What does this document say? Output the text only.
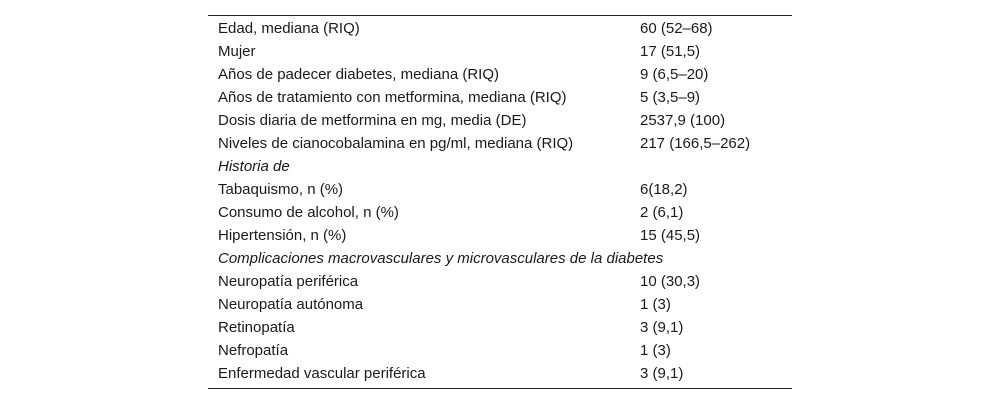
Edad, mediana (RIQ)	60 (52–68)
Mujer	17 (51,5)
Años de padecer diabetes, mediana (RIQ)	9 (6,5–20)
Años de tratamiento con metformina, mediana (RIQ)	5 (3,5–9)
Dosis diaria de metformina en mg, media (DE)	2537,9 (100)
Niveles de cianocobalamina en pg/ml, mediana (RIQ)	217 (166,5–262)
Historia de	
Tabaquismo, n (%)	6(18,2)
Consumo de alcohol, n (%)	2 (6,1)
Hipertensión, n (%)	15 (45,5)
Complicaciones macrovasculares y microvasculares de la diabetes	
Neuropatía periférica	10 (30,3)
Neuropatía autónoma	1 (3)
Retinopatía	3 (9,1)
Nefropatía	1 (3)
Enfermedad vascular periférica	3 (9,1)
